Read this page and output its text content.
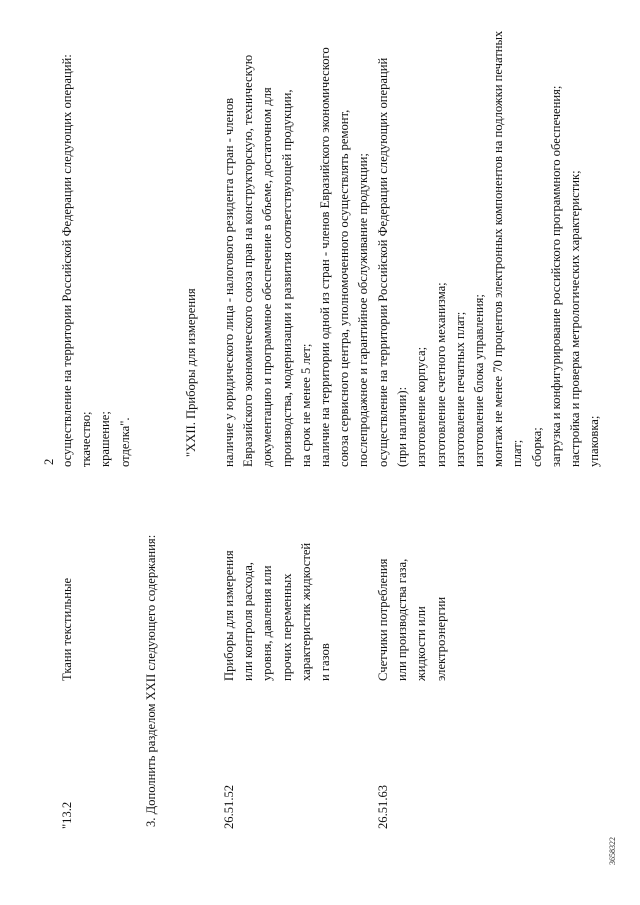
2
"13.2
Ткани текстильные
осуществление на территории Российской Федерации следующих операций: ткачество; крашение; отделка".
3. Дополнить разделом XXII следующего содержания:
"XXII. Приборы для измерения
26.51.52
Приборы для измерения или контроля расхода, уровня, давления или прочих переменных характеристик жидкостей и газов
наличие у юридического лица - налогового резидента стран - членов Евразийского экономического союза прав на конструкторскую, техническую документацию и программное обеспечение в объеме, достаточном для производства, модернизации и развития соответствующей продукции, на срок не менее 5 лет; наличие на территории одной из стран - членов Евразийского экономического союза сервисного центра, уполномоченного осуществлять ремонт, послепродажное и гарантийное обслуживание продукции;
26.51.63
Счетчики потребления или производства газа, жидкости или электроэнергии
осуществление на территории Российской Федерации следующих операций (при наличии): изготовление корпуса; изготовление счетного механизма; изготовление печатных плат; изготовление блока управления; монтаж не менее 70 процентов электронных компонентов на подложки печатных плат; сборка; загрузка и конфигурирование российского программного обеспечения; настройка и проверка метрологических характеристик; упаковка;
3658322
